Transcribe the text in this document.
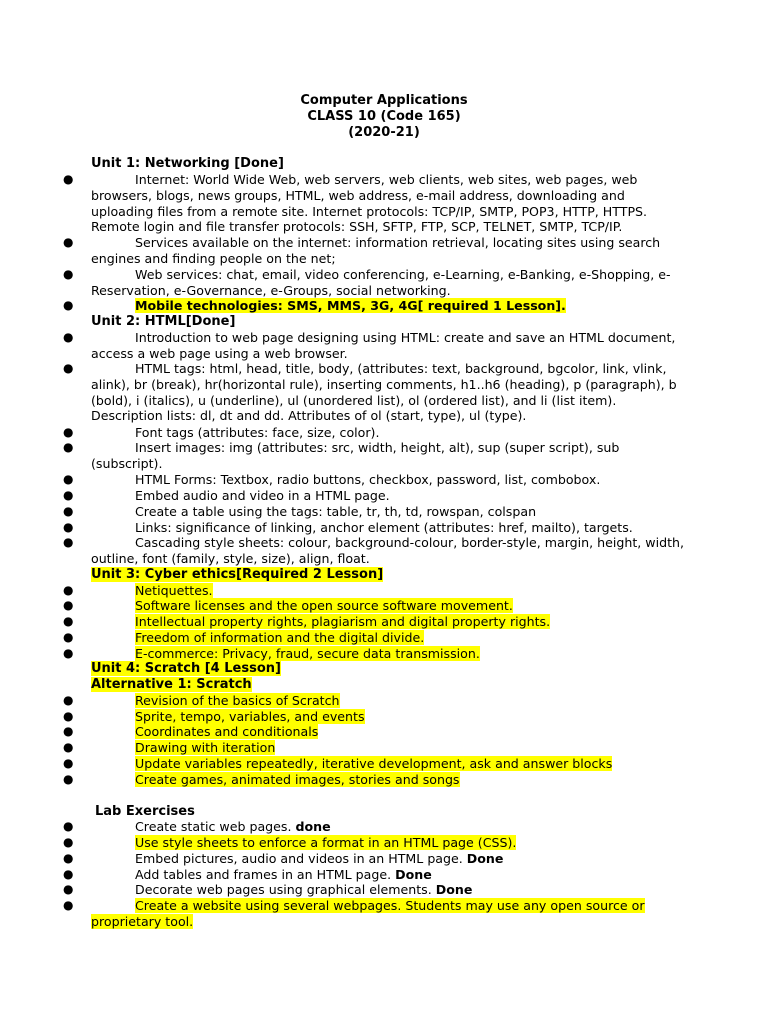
Computer Applications
CLASS 10 (Code 165)
(2020-21)
Unit 1: Networking [Done]
●	Internet: World Wide Web, web servers, web clients, web sites, web pages, web browsers, blogs, news groups, HTML, web address, e-mail address, downloading and uploading files from a remote site. Internet protocols: TCP/IP, SMTP, POP3, HTTP, HTTPS. Remote login and file transfer protocols: SSH, SFTP, FTP, SCP, TELNET, SMTP, TCP/IP.
●	Services available on the internet: information retrieval, locating sites using search engines and finding people on the net;
●	Web services: chat, email, video conferencing, e-Learning, e-Banking, e-Shopping, e-Reservation, e-Governance, e-Groups, social networking.
●	Mobile technologies: SMS, MMS, 3G, 4G[ required 1 Lesson].
Unit 2: HTML[Done]
●	Introduction to web page designing using HTML: create and save an HTML document, access a web page using a web browser.
●	HTML tags: html, head, title, body, (attributes: text, background, bgcolor, link, vlink, alink), br (break), hr(horizontal rule), inserting comments, h1..h6 (heading), p (paragraph), b (bold), i (italics), u (underline), ul (unordered list), ol (ordered list), and li (list item). Description lists: dl, dt and dd. Attributes of ol (start, type), ul (type).
●	Font tags (attributes: face, size, color).
●	Insert images: img (attributes: src, width, height, alt), sup (super script), sub (subscript).
●	HTML Forms: Textbox, radio buttons, checkbox, password, list, combobox.
●	Embed audio and video in a HTML page.
●	Create a table using the tags: table, tr, th, td, rowspan, colspan
●	Links: significance of linking, anchor element (attributes: href, mailto), targets.
●	Cascading style sheets: colour, background-colour, border-style, margin, height, width, outline, font (family, style, size), align, float.
Unit 3: Cyber ethics[Required 2 Lesson]
●	Netiquettes.
●	Software licenses and the open source software movement.
●	Intellectual property rights, plagiarism and digital property rights.
●	Freedom of information and the digital divide.
●	E-commerce: Privacy, fraud, secure data transmission.
Unit 4: Scratch [4 Lesson]
Alternative 1: Scratch
●	Revision of the basics of Scratch
●	Sprite, tempo, variables, and events
●	Coordinates and conditionals
●	Drawing with iteration
●	Update variables repeatedly, iterative development, ask and answer blocks
●	Create games, animated images, stories and songs
Lab Exercises
●	Create static web pages. done
●	Use style sheets to enforce a format in an HTML page (CSS).
●	Embed pictures, audio and videos in an HTML page. Done
●	Add tables and frames in an HTML page. Done
●	Decorate web pages using graphical elements. Done
●	Create a website using several webpages. Students may use any open source or proprietary tool.
